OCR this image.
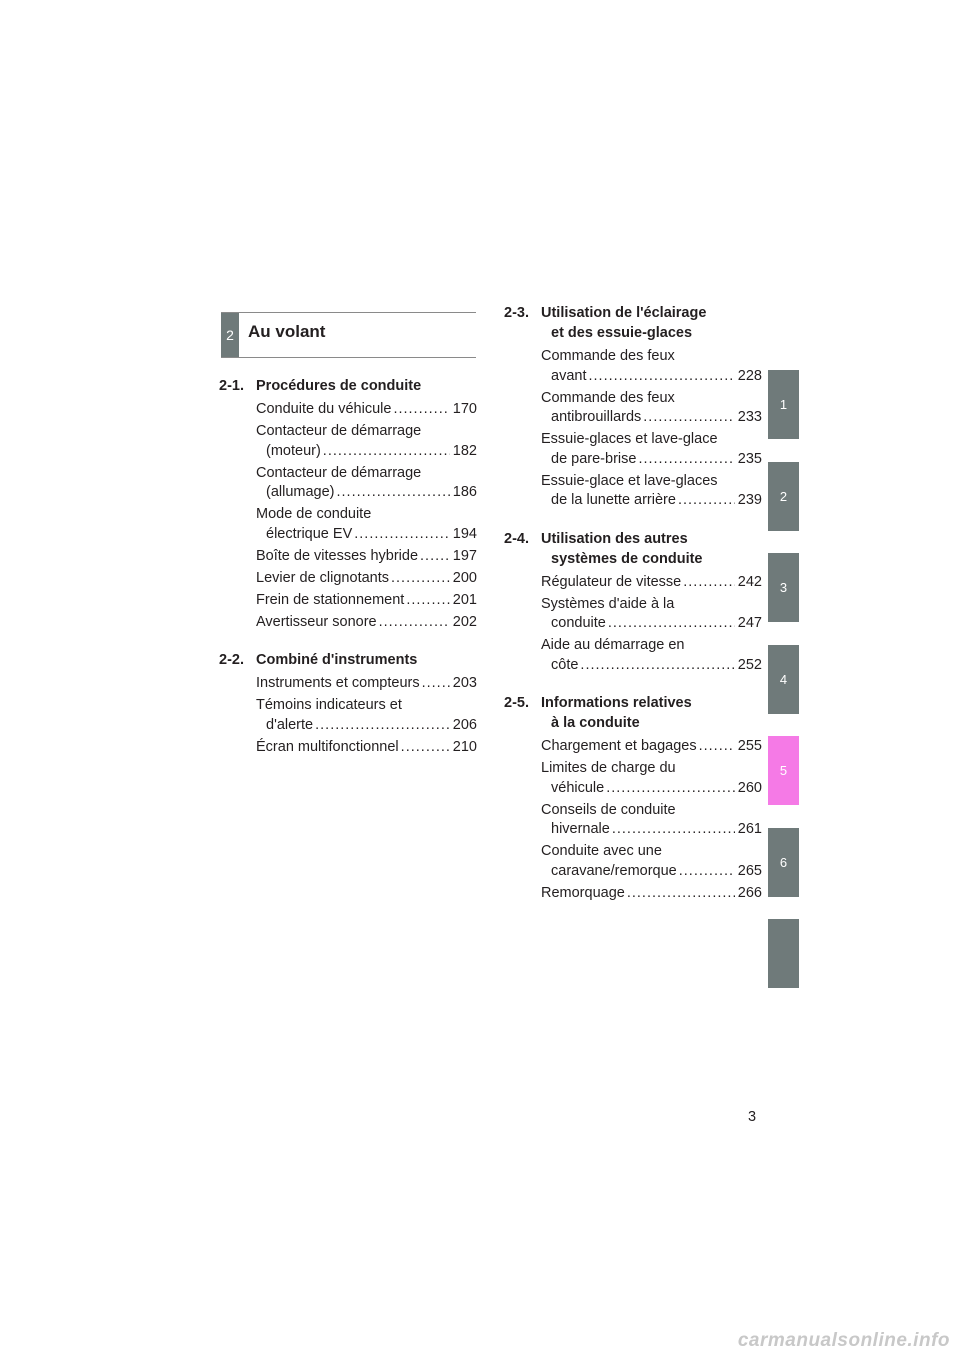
2 Au volant
2-1. Procédures de conduite
Conduite du véhicule .....	170
Contacteur de démarrage
(moteur) .....	182
Contacteur de démarrage
(allumage) .....	186
Mode de conduite
électrique EV .....	194
Boîte de vitesses hybride ..... 197
Levier de clignotants .....	200
Frein de stationnement .....	201
Avertisseur sonore .....	202
2-2. Combiné d'instruments
Instruments et compteurs ..... 203
Témoins indicateurs et
d'alerte .....	206
Écran multifonctionnel .....	210
2-3. Utilisation de l'éclairage
et des essuie-glaces
Commande des feux
avant .....	228
Commande des feux
antibrouillards .....	233
Essuie-glaces et lave-glace
de pare-brise .....	235
Essuie-glace et lave-glaces
de la lunette arrière .....	239
2-4. Utilisation des autres
systèmes de conduite
Régulateur de vitesse .....	242
Systèmes d'aide à la
conduite .....	247
Aide au démarrage en
côte .....	252
2-5. Informations relatives
à la conduite
Chargement et bagages .....	255
Limites de charge du
véhicule .....	260
Conseils de conduite
hivernale .....	261
Conduite avec une
caravane/remorque .....	265
Remorquage .....	266
1
2
3
4
5
6
3
carmanualsonline.info
